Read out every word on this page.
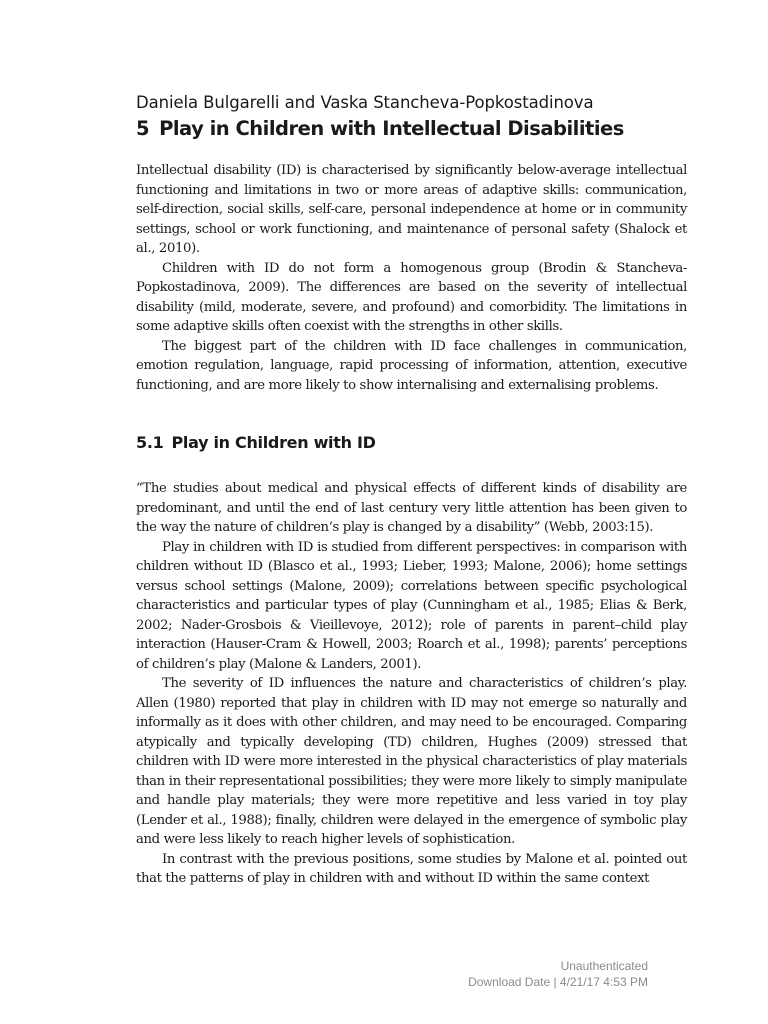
Daniela Bulgarelli and Vaska Stancheva-Popkostadinova

5 Play in Children with Intellectual Disabilities

Intellectual disability (ID) is characterised by significantly below-average intellectual functioning and limitations in two or more areas of adaptive skills: communication, self-direction, social skills, self-care, personal independence at home or in community settings, school or work functioning, and maintenance of personal safety (Shalock et al., 2010).

Children with ID do not form a homogenous group (Brodin & Stancheva-Popkostadinova, 2009). The differences are based on the severity of intellectual disability (mild, moderate, severe, and profound) and comorbidity. The limitations in some adaptive skills often coexist with the strengths in other skills.

The biggest part of the children with ID face challenges in communication, emotion regulation, language, rapid processing of information, attention, executive functioning, and are more likely to show internalising and externalising problems.

5.1 Play in Children with ID

“The studies about medical and physical effects of different kinds of disability are predominant, and until the end of last century very little attention has been given to the way the nature of children’s play is changed by a disability” (Webb, 2003:15).

Play in children with ID is studied from different perspectives: in comparison with children without ID (Blasco et al., 1993; Lieber, 1993; Malone, 2006); home settings versus school settings (Malone, 2009); correlations between specific psychological characteristics and particular types of play (Cunningham et al., 1985; Elias & Berk, 2002; Nader-Grosbois & Vieillevoye, 2012); role of parents in parent–child play interaction (Hauser-Cram & Howell, 2003; Roarch et al., 1998); parents’ perceptions of children’s play (Malone & Landers, 2001).

The severity of ID influences the nature and characteristics of children’s play. Allen (1980) reported that play in children with ID may not emerge so naturally and informally as it does with other children, and may need to be encouraged. Comparing atypically and typically developing (TD) children, Hughes (2009) stressed that children with ID were more interested in the physical characteristics of play materials than in their representational possibilities; they were more likely to simply manipulate and handle play materials; they were more repetitive and less varied in toy play (Lender et al., 1988); finally, children were delayed in the emergence of symbolic play and were less likely to reach higher levels of sophistication.

In contrast with the previous positions, some studies by Malone et al. pointed out that the patterns of play in children with and without ID within the same context

Unauthenticated
Download Date | 4/21/17 4:53 PM
